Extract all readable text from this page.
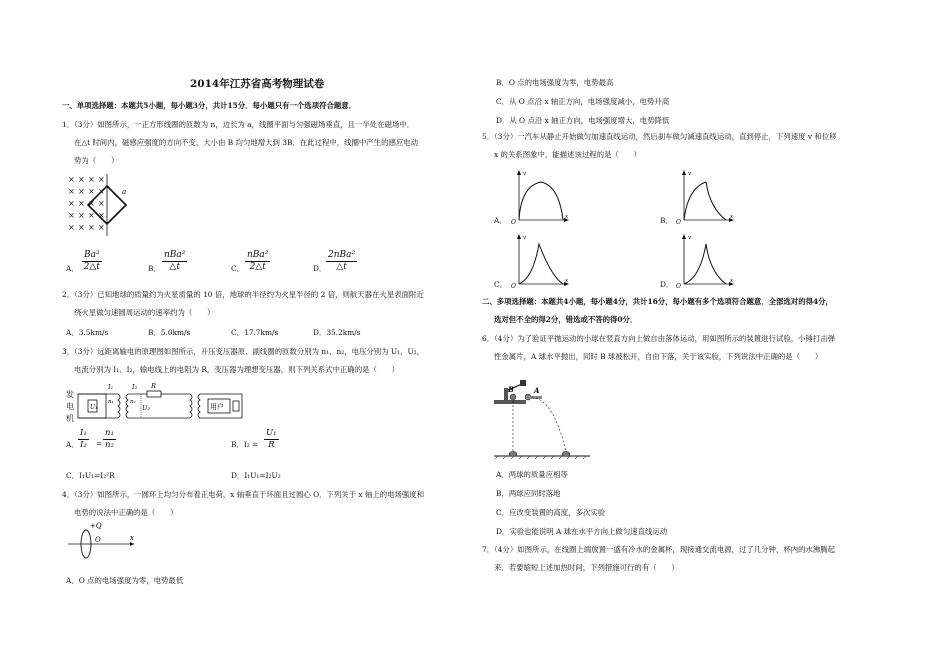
2014年江苏省高考物理试卷
一、单项选择题：本题共5小题，每小题3分，共计15分．每小题只有一个选项符合题意．
1．（3分）如图所示，一正方形线圈的匝数为 n，边长为 a，线圈平面与匀强磁场垂直，且一半处在磁场中．
在△t 时间内，磁感应强度的方向不变，大小由 B 均匀地增大到 3B．在此过程中，线圈中产生的感应电动
势为（　　）
× × × ×
× × × ×
× × × ×
× × × ×
× × × ×
a
A． $\frac{\text{Ba²}}{2\triangle t}$	B．
nBa²
△t	C．
nBa²
2△t	D．
2nBa²
△t
2．（3分）已知地球的质量约为火星质量的 10 倍，地球的半径约为火星半径的 2 倍，则航天器在火星表面附近
绕火星做匀速圆周运动的速率约为（　　）
A．3.5km/s	B．5.0km/s	C．17.7km/s	D．35.2km/s
3．（3分）远距离输电的原理图如图所示，升压变压器原、副线圈的匝数分别为 n₁、n₂，电压分别为 U₁、U₂，
电流分别为 I₁、I₂，输电线上的电阻为 R，变压器为理想变压器，则下列关系式中正确的是（　　）
发
电
机
U₁
I₁
n₁	n₂
I₂ R
U₂	用户
A． $\frac{\text{I₁}}{\text{I₂}} = \frac{\text{n₁}}{\text{n₂}}$	B．$I_2 = \frac{\text{U₁}}{R}$
C．I₁U₁=I₂²R	D．I₁U₁=I₂U₂
4．（3分）如图所示，一圆环上均匀分布着正电荷，x 轴垂直于环面且过圆心 O．下列关于 x 轴上的电场强度和
电势的说法中正确的是（　　）
+Q
O	x
A．O 点的电场强度为零，电势最低
B．O 点的电场强度为零，电势最高
C．从 O 点沿 x 轴正方向，电场强度减小，电势升高
D．从 O 点沿 x 轴正方向，电场强度增大，电势降低
5．（3分）一汽车从静止开始做匀加速直线运动，然后刹车做匀减速直线运动，直到停止．下列速度 v 和位移
x 的关系图象中，能描述该过程的是（　　）
A．
v
O
x	B．
v
O
x
C．
v
O
x	D．
v
O
x
二、多项选择题：本题共4小题，每小题4分，共计16分，每小题有多个选项符合题意．全部选对的得4分，
选对但不全的得2分，错选或不答的得0分．
6．（4分）为了验证平抛运动的小球在竖直方向上做自由落体运动，用如图所示的装置进行试验，小锤打击弹
性金属片，A 球水平抛出，同时 B 球被松开，自由下落，关于该实验，下列说法中正确的是（　　）
B	A
A．两球的质量应相等
B．两球应同时落地
C．应改变装置的高度，多次实验
D．实验也能说明 A 球在水平方向上做匀速直线运动
7．（4分）如图所示，在线圈上端放置一盛有冷水的金属杯，现接通交流电源，过了几分钟，杯内的水沸腾起
来．若要缩短上述加热时间，下列措施可行的有（　　）
